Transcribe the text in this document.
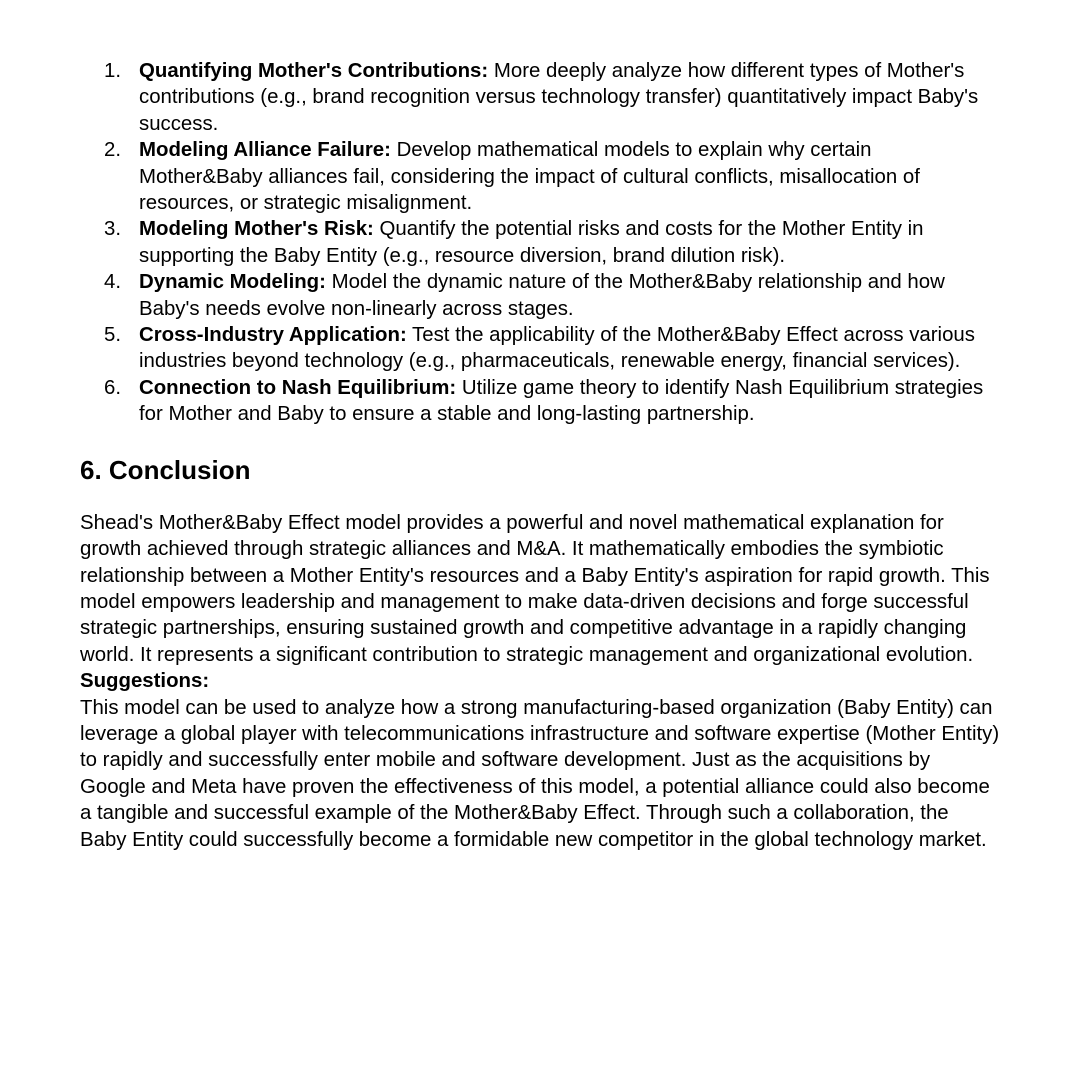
1. Quantifying Mother's Contributions: More deeply analyze how different types of Mother's contributions (e.g., brand recognition versus technology transfer) quantitatively impact Baby's success.
2. Modeling Alliance Failure: Develop mathematical models to explain why certain Mother&Baby alliances fail, considering the impact of cultural conflicts, misallocation of resources, or strategic misalignment.
3. Modeling Mother's Risk: Quantify the potential risks and costs for the Mother Entity in supporting the Baby Entity (e.g., resource diversion, brand dilution risk).
4. Dynamic Modeling: Model the dynamic nature of the Mother&Baby relationship and how Baby's needs evolve non-linearly across stages.
5. Cross-Industry Application: Test the applicability of the Mother&Baby Effect across various industries beyond technology (e.g., pharmaceuticals, renewable energy, financial services).
6. Connection to Nash Equilibrium: Utilize game theory to identify Nash Equilibrium strategies for Mother and Baby to ensure a stable and long-lasting partnership.
6. Conclusion

Shead's Mother&Baby Effect model provides a powerful and novel mathematical explanation for growth achieved through strategic alliances and M&A. It mathematically embodies the symbiotic relationship between a Mother Entity's resources and a Baby Entity's aspiration for rapid growth. This model empowers leadership and management to make data-driven decisions and forge successful strategic partnerships, ensuring sustained growth and competitive advantage in a rapidly changing world. It represents a significant contribution to strategic management and organizational evolution.

Suggestions:

This model can be used to analyze how a strong manufacturing-based organization (Baby Entity) can leverage a global player with telecommunications infrastructure and software expertise (Mother Entity) to rapidly and successfully enter mobile and software development. Just as the acquisitions by Google and Meta have proven the effectiveness of this model, a potential alliance could also become a tangible and successful example of the Mother&Baby Effect. Through such a collaboration, the Baby Entity could successfully become a formidable new competitor in the global technology market.
